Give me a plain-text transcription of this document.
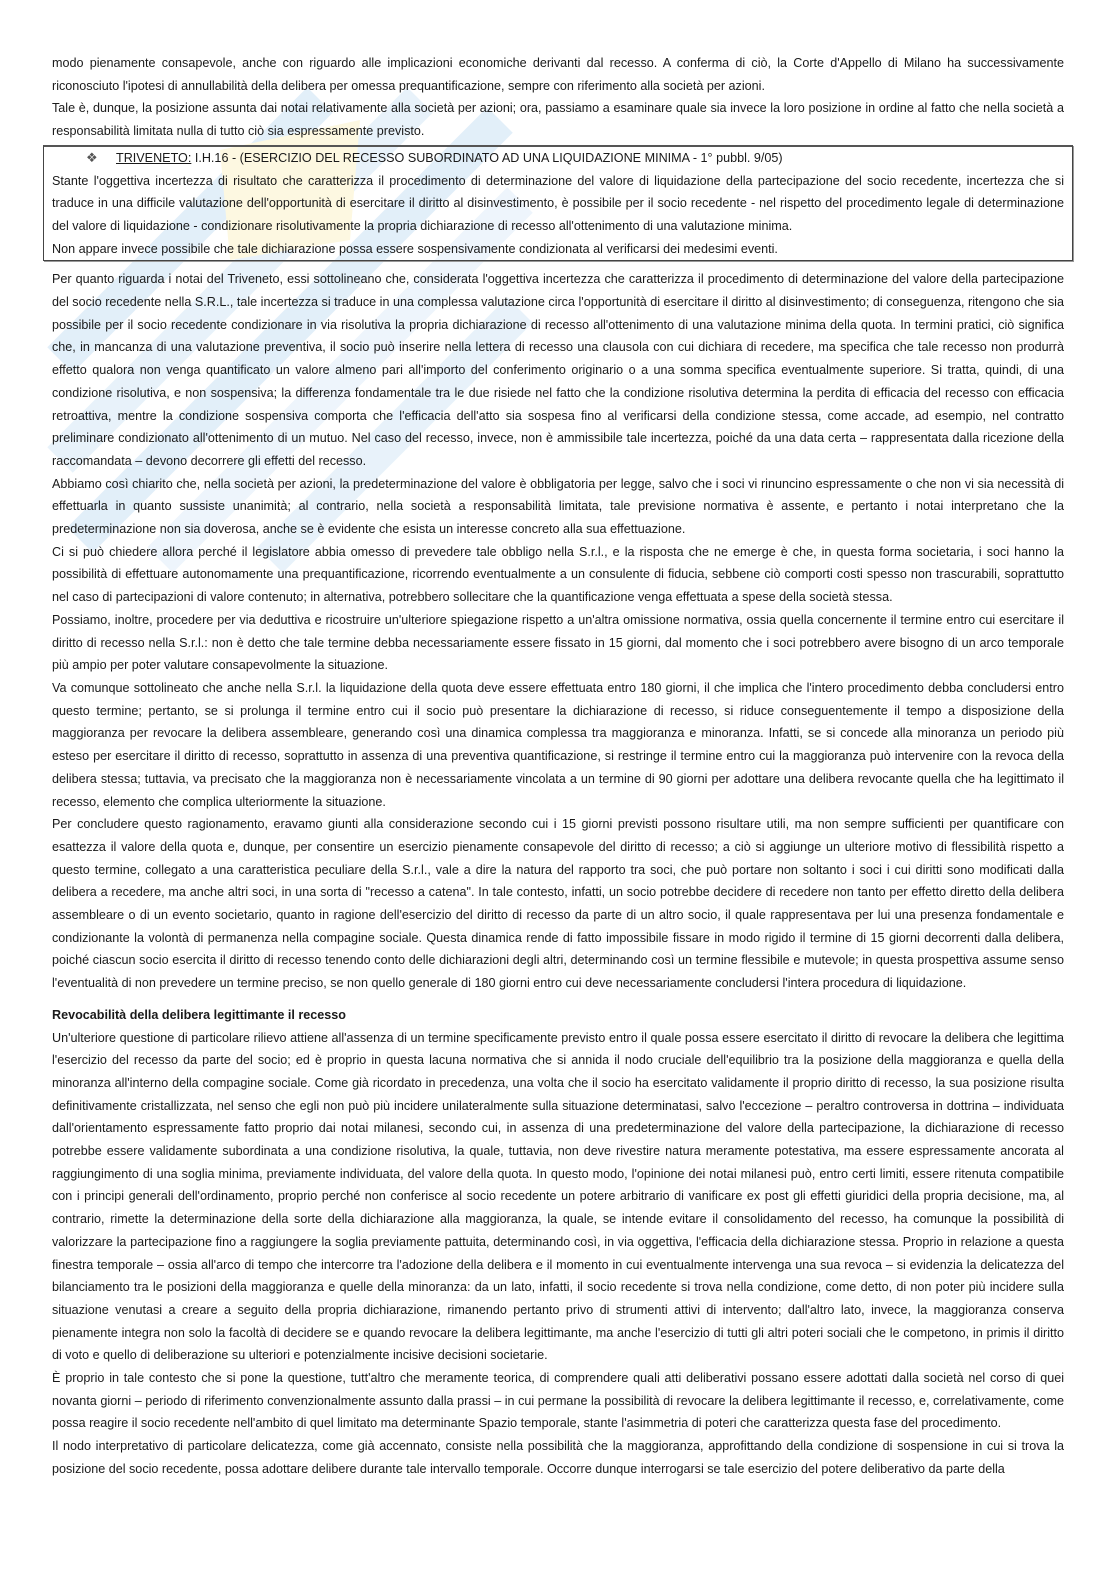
modo pienamente consapevole, anche con riguardo alle implicazioni economiche derivanti dal recesso. A conferma di ciò, la Corte d'Appello di Milano ha successivamente riconosciuto l'ipotesi di annullabilità della delibera per omessa prequantificazione, sempre con riferimento alla società per azioni.

Tale è, dunque, la posizione assunta dai notai relativamente alla società per azioni; ora, passiamo a esaminare quale sia invece la loro posizione in ordine al fatto che nella società a responsabilità limitata nulla di tutto ciò sia espressamente previsto.

❖	TRIVENETO: I.H.16 - (ESERCIZIO DEL RECESSO SUBORDINATO AD UNA LIQUIDAZIONE MINIMA - 1° pubbl. 9/05)

Stante l'oggettiva incertezza di risultato che caratterizza il procedimento di determinazione del valore di liquidazione della partecipazione del socio recedente, incertezza che si traduce in una difficile valutazione dell'opportunità di esercitare il diritto al disinvestimento, è possibile per il socio recedente - nel rispetto del procedimento legale di determinazione del valore di liquidazione - condizionare risolutivamente la propria dichiarazione di recesso all'ottenimento di una valutazione minima.

Non appare invece possibile che tale dichiarazione possa essere sospensivamente condizionata al verificarsi dei medesimi eventi.

Per quanto riguarda i notai del Triveneto, essi sottolineano che, considerata l'oggettiva incertezza che caratterizza il procedimento di determinazione del valore della partecipazione del socio recedente nella S.R.L., tale incertezza si traduce in una complessa valutazione circa l'opportunità di esercitare il diritto al disinvestimento; di conseguenza, ritengono che sia possibile per il socio recedente condizionare in via risolutiva la propria dichiarazione di recesso all'ottenimento di una valutazione minima della quota. In termini pratici, ciò significa che, in mancanza di una valutazione preventiva, il socio può inserire nella lettera di recesso una clausola con cui dichiara di recedere, ma specifica che tale recesso non produrrà effetto qualora non venga quantificato un valore almeno pari all'importo del conferimento originario o a una somma specifica eventualmente superiore. Si tratta, quindi, di una condizione risolutiva, e non sospensiva; la differenza fondamentale tra le due risiede nel fatto che la condizione risolutiva determina la perdita di efficacia del recesso con efficacia retroattiva, mentre la condizione sospensiva comporta che l'efficacia dell'atto sia sospesa fino al verificarsi della condizione stessa, come accade, ad esempio, nel contratto preliminare condizionato all'ottenimento di un mutuo. Nel caso del recesso, invece, non è ammissibile tale incertezza, poiché da una data certa – rappresentata dalla ricezione della raccomandata – devono decorrere gli effetti del recesso.

Abbiamo così chiarito che, nella società per azioni, la predeterminazione del valore è obbligatoria per legge, salvo che i soci vi rinuncino espressamente o che non vi sia necessità di effettuarla in quanto sussiste unanimità; al contrario, nella società a responsabilità limitata, tale previsione normativa è assente, e pertanto i notai interpretano che la predeterminazione non sia doverosa, anche se è evidente che esista un interesse concreto alla sua effettuazione.

Ci si può chiedere allora perché il legislatore abbia omesso di prevedere tale obbligo nella S.r.l., e la risposta che ne emerge è che, in questa forma societaria, i soci hanno la possibilità di effettuare autonomamente una prequantificazione, ricorrendo eventualmente a un consulente di fiducia, sebbene ciò comporti costi spesso non trascurabili, soprattutto nel caso di partecipazioni di valore contenuto; in alternativa, potrebbero sollecitare che la quantificazione venga effettuata a spese della società stessa.

Possiamo, inoltre, procedere per via deduttiva e ricostruire un'ulteriore spiegazione rispetto a un'altra omissione normativa, ossia quella concernente il termine entro cui esercitare il diritto di recesso nella S.r.l.: non è detto che tale termine debba necessariamente essere fissato in 15 giorni, dal momento che i soci potrebbero avere bisogno di un arco temporale più ampio per poter valutare consapevolmente la situazione.

Va comunque sottolineato che anche nella S.r.l. la liquidazione della quota deve essere effettuata entro 180 giorni, il che implica che l'intero procedimento debba concludersi entro questo termine; pertanto, se si prolunga il termine entro cui il socio può presentare la dichiarazione di recesso, si riduce conseguentemente il tempo a disposizione della maggioranza per revocare la delibera assembleare, generando così una dinamica complessa tra maggioranza e minoranza. Infatti, se si concede alla minoranza un periodo più esteso per esercitare il diritto di recesso, soprattutto in assenza di una preventiva quantificazione, si restringe il termine entro cui la maggioranza può intervenire con la revoca della delibera stessa; tuttavia, va precisato che la maggioranza non è necessariamente vincolata a un termine di 90 giorni per adottare una delibera revocante quella che ha legittimato il recesso, elemento che complica ulteriormente la situazione.

Per concludere questo ragionamento, eravamo giunti alla considerazione secondo cui i 15 giorni previsti possono risultare utili, ma non sempre sufficienti per quantificare con esattezza il valore della quota e, dunque, per consentire un esercizio pienamente consapevole del diritto di recesso; a ciò si aggiunge un ulteriore motivo di flessibilità rispetto a questo termine, collegato a una caratteristica peculiare della S.r.l., vale a dire la natura del rapporto tra soci, che può portare non soltanto i soci i cui diritti sono modificati dalla delibera a recedere, ma anche altri soci, in una sorta di "recesso a catena". In tale contesto, infatti, un socio potrebbe decidere di recedere non tanto per effetto diretto della delibera assembleare o di un evento societario, quanto in ragione dell'esercizio del diritto di recesso da parte di un altro socio, il quale rappresentava per lui una presenza fondamentale e condizionante la volontà di permanenza nella compagine sociale. Questa dinamica rende di fatto impossibile fissare in modo rigido il termine di 15 giorni decorrenti dalla delibera, poiché ciascun socio esercita il diritto di recesso tenendo conto delle dichiarazioni degli altri, determinando così un termine flessibile e mutevole; in questa prospettiva assume senso l'eventualità di non prevedere un termine preciso, se non quello generale di 180 giorni entro cui deve necessariamente concludersi l'intera procedura di liquidazione.

Revocabilità della delibera legittimante il recesso

Un'ulteriore questione di particolare rilievo attiene all'assenza di un termine specificamente previsto entro il quale possa essere esercitato il diritto di revocare la delibera che legittima l'esercizio del recesso da parte del socio; ed è proprio in questa lacuna normativa che si annida il nodo cruciale dell'equilibrio tra la posizione della maggioranza e quella della minoranza all'interno della compagine sociale. Come già ricordato in precedenza, una volta che il socio ha esercitato validamente il proprio diritto di recesso, la sua posizione risulta definitivamente cristallizzata, nel senso che egli non può più incidere unilateralmente sulla situazione determinatasi, salvo l'eccezione – peraltro controversa in dottrina – individuata dall'orientamento espressamente fatto proprio dai notai milanesi, secondo cui, in assenza di una predeterminazione del valore della partecipazione, la dichiarazione di recesso potrebbe essere validamente subordinata a una condizione risolutiva, la quale, tuttavia, non deve rivestire natura meramente potestativa, ma essere espressamente ancorata al raggiungimento di una soglia minima, previamente individuata, del valore della quota. In questo modo, l'opinione dei notai milanesi può, entro certi limiti, essere ritenuta compatibile con i principi generali dell'ordinamento, proprio perché non conferisce al socio recedente un potere arbitrario di vanificare ex post gli effetti giuridici della propria decisione, ma, al contrario, rimette la determinazione della sorte della dichiarazione alla maggioranza, la quale, se intende evitare il consolidamento del recesso, ha comunque la possibilità di valorizzare la partecipazione fino a raggiungere la soglia previamente pattuita, determinando così, in via oggettiva, l'efficacia della dichiarazione stessa. Proprio in relazione a questa finestra temporale – ossia all'arco di tempo che intercorre tra l'adozione della delibera e il momento in cui eventualmente intervenga una sua revoca – si evidenzia la delicatezza del bilanciamento tra le posizioni della maggioranza e quelle della minoranza: da un lato, infatti, il socio recedente si trova nella condizione, come detto, di non poter più incidere sulla situazione venutasi a creare a seguito della propria dichiarazione, rimanendo pertanto privo di strumenti attivi di intervento; dall'altro lato, invece, la maggioranza conserva pienamente integra non solo la facoltà di decidere se e quando revocare la delibera legittimante, ma anche l'esercizio di tutti gli altri poteri sociali che le competono, in primis il diritto di voto e quello di deliberazione su ulteriori e potenzialmente incisive decisioni societarie.

È proprio in tale contesto che si pone la questione, tutt'altro che meramente teorica, di comprendere quali atti deliberativi possano essere adottati dalla società nel corso di quei novanta giorni – periodo di riferimento convenzionalmente assunto dalla prassi – in cui permane la possibilità di revocare la delibera legittimante il recesso, e, correlativamente, come possa reagire il socio recedente nell'ambito di quel limitato ma determinante Spazio temporale, stante l'asimmetria di poteri che caratterizza questa fase del procedimento.

Il nodo interpretativo di particolare delicatezza, come già accennato, consiste nella possibilità che la maggioranza, approfittando della condizione di sospensione in cui si trova la posizione del socio recedente, possa adottare delibere durante tale intervallo temporale. Occorre dunque interrogarsi se tale esercizio del potere deliberativo da parte della
